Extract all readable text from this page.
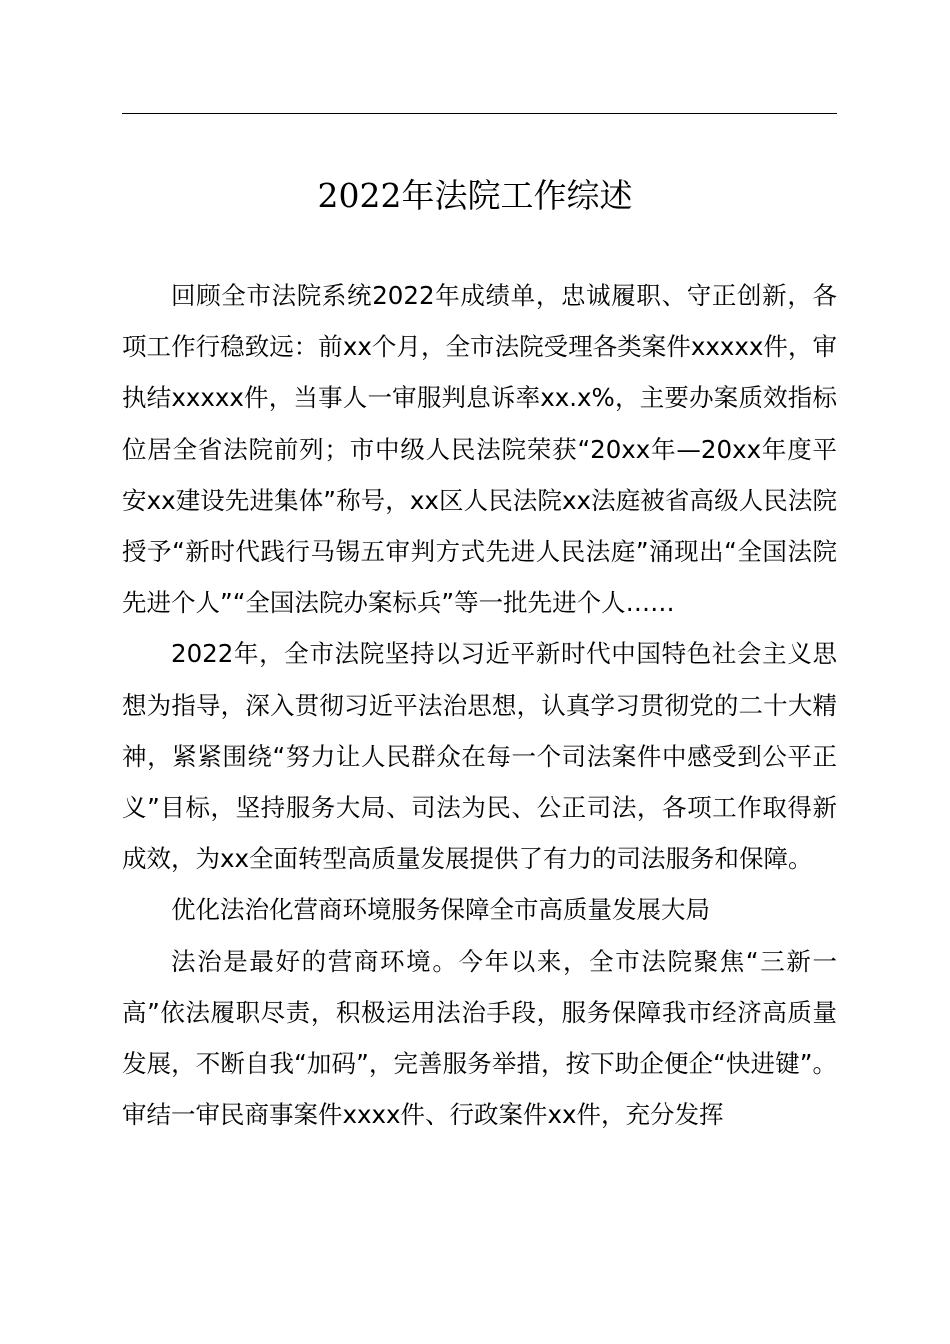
2022年法院工作综述

回顾全市法院系统2022年成绩单，忠诚履职、守正创新，各项工作行稳致远：前xx个月，全市法院受理各类案件xxxxx件，审执结xxxxx件，当事人一审服判息诉率xx.x%，主要办案质效指标位居全省法院前列；市中级人民法院荣获“20xx年—20xx年度平安xx建设先进集体”称号，xx区人民法院xx法庭被省高级人民法院授予“新时代践行马锡五审判方式先进人民法庭”涌现出“全国法院先进个人”“全国法院办案标兵”等一批先进个人……

2022年，全市法院坚持以习近平新时代中国特色社会主义思想为指导，深入贯彻习近平法治思想，认真学习贯彻党的二十大精神，紧紧围绕“努力让人民群众在每一个司法案件中感受到公平正义”目标，坚持服务大局、司法为民、公正司法，各项工作取得新成效，为xx全面转型高质量发展提供了有力的司法服务和保障。

优化法治化营商环境服务保障全市高质量发展大局

法治是最好的营商环境。今年以来，全市法院聚焦“三新一高”依法履职尽责，积极运用法治手段，服务保障我市经济高质量发展，不断自我“加码”，完善服务举措，按下助企便企“快进键”。审结一审民商事案件xxxx件、行政案件xx件，充分发挥
